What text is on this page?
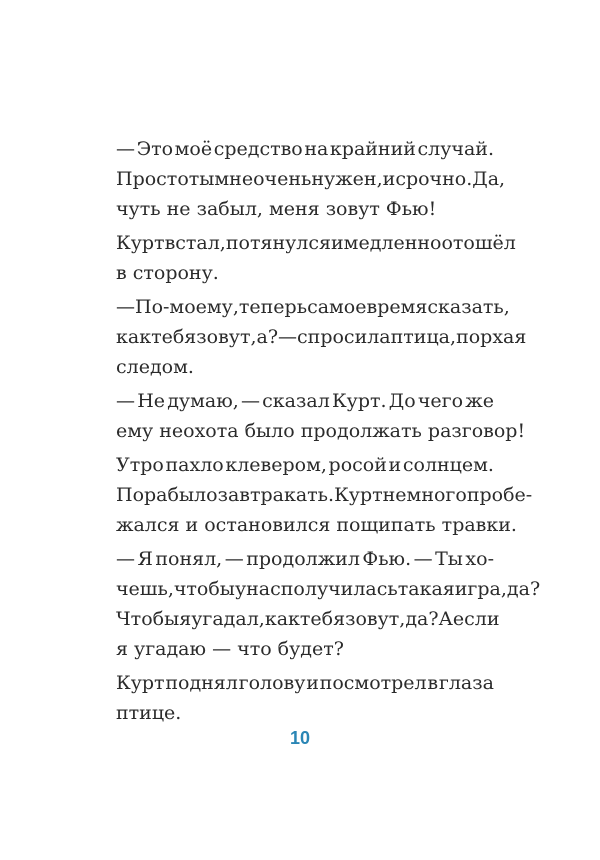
— Это моё средство на крайний случай.
Просто ты мне очень нужен, и срочно. Да,
чуть не забыл, меня зовут Фью!
Курт встал, потянулся и медленно отошёл
в сторону.
— По-моему, теперь самое время сказать,
как тебя зовут, а? — спросила птица, порхая
следом.
— Не думаю, — сказал Курт. До чего же
ему неохота было продолжать разговор!
Утро пахло клевером, росой и солнцем.
Пора было завтракать. Курт немного пробе-
жался и остановился пощипать травки.
— Я понял, — продолжил Фью. — Ты хо-
чешь, чтобы у нас получилась такая игра, да?
Чтобы я угадал, как тебя зовут, да? А если
я угадаю — что будет?
Курт поднял голову и посмотрел в глаза
птице.
10
